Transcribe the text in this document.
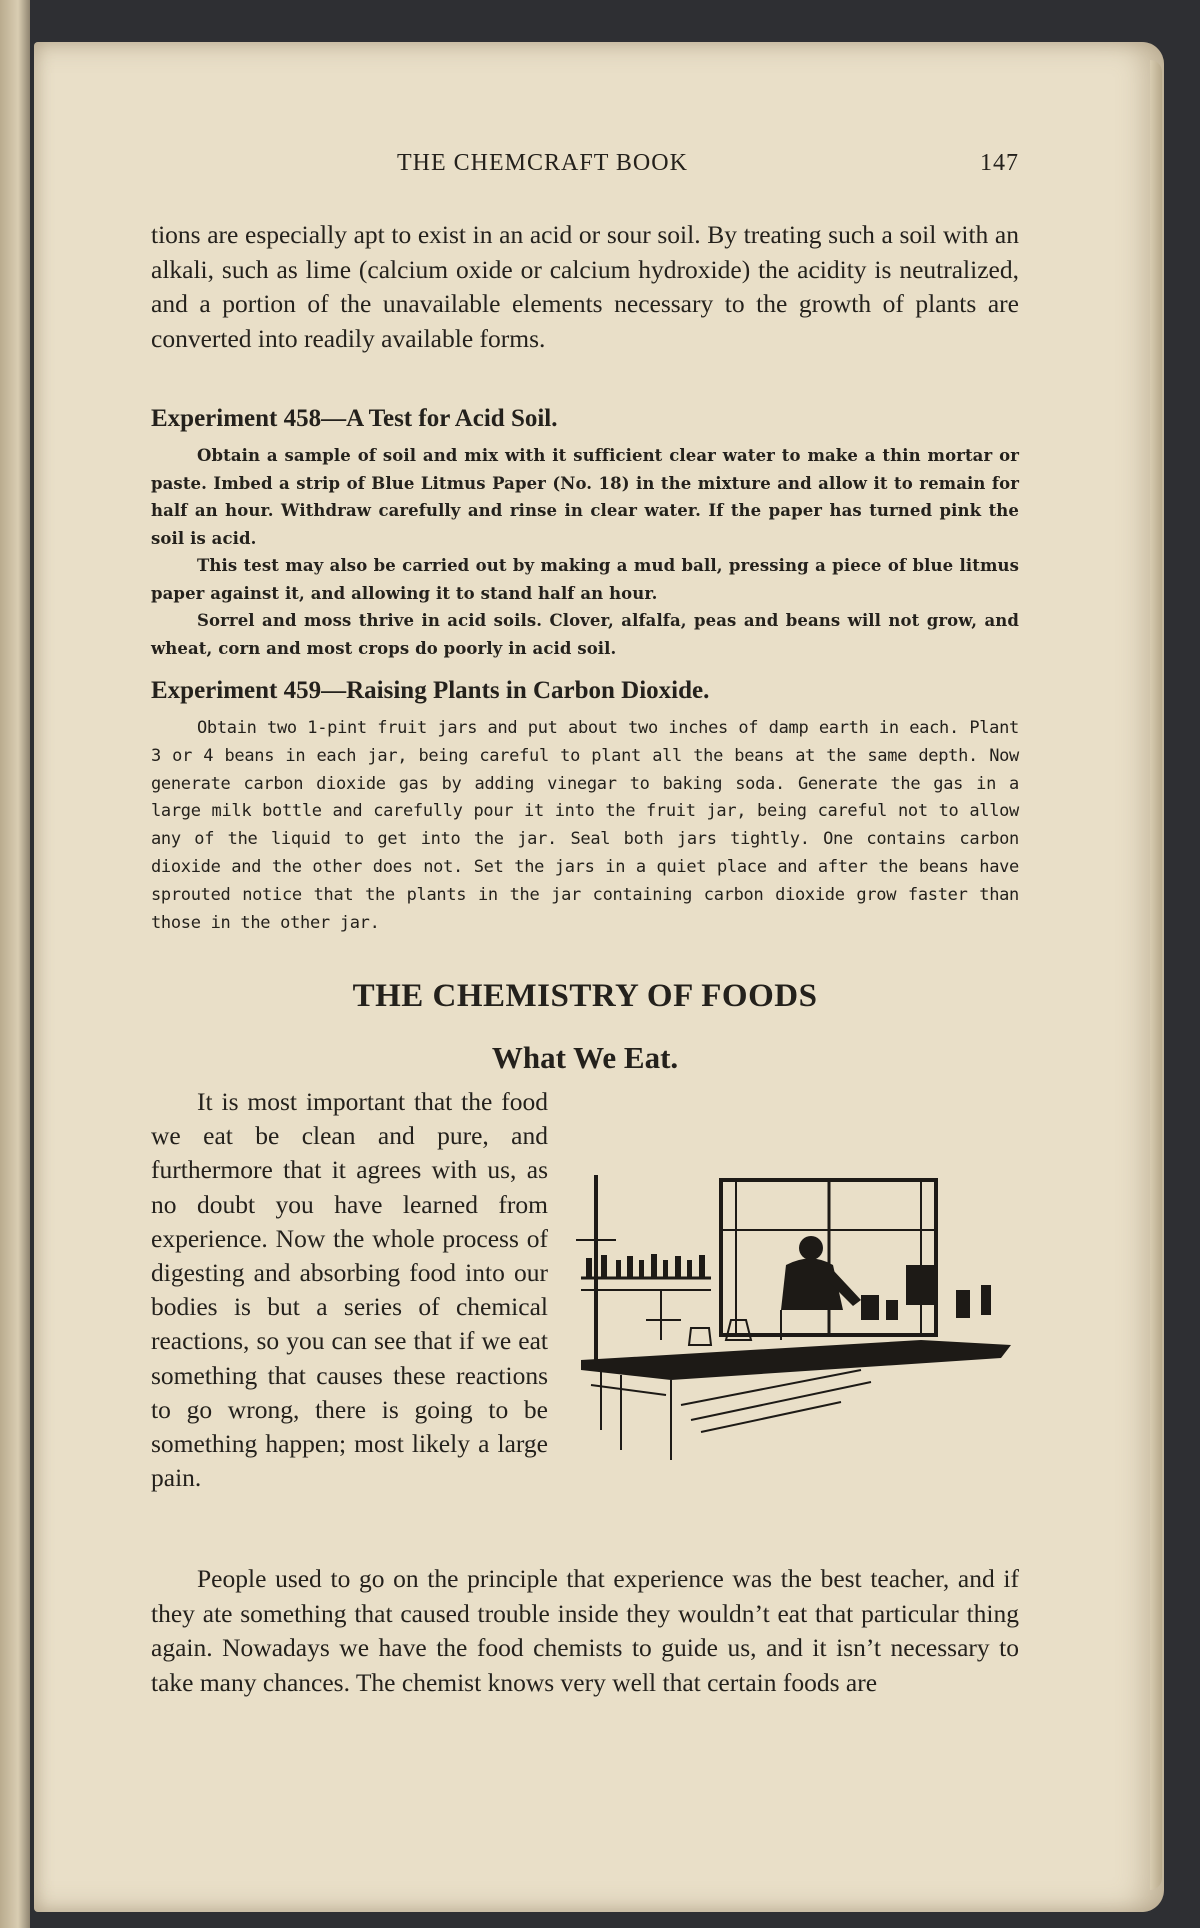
THE CHEMCRAFT BOOK	147

tions are especially apt to exist in an acid or sour soil. By treating such a soil with an alkali, such as lime (calcium oxide or calcium hydroxide) the acidity is neutralized, and a portion of the unavailable elements necessary to the growth of plants are converted into readily available forms.

Experiment 458—A Test for Acid Soil.

Obtain a sample of soil and mix with it sufficient clear water to make a thin mortar or paste. Imbed a strip of Blue Litmus Paper (No. 18) in the mixture and allow it to remain for half an hour. Withdraw carefully and rinse in clear water. If the paper has turned pink the soil is acid.

This test may also be carried out by making a mud ball, pressing a piece of blue litmus paper against it, and allowing it to stand half an hour.

Sorrel and moss thrive in acid soils. Clover, alfalfa, peas and beans will not grow, and wheat, corn and most crops do poorly in acid soil.

Experiment 459—Raising Plants in Carbon Dioxide.

Obtain two 1-pint fruit jars and put about two inches of damp earth in each. Plant 3 or 4 beans in each jar, being careful to plant all the beans at the same depth. Now generate carbon dioxide gas by adding vinegar to baking soda. Generate the gas in a large milk bottle and carefully pour it into the fruit jar, being careful not to allow any of the liquid to get into the jar. Seal both jars tightly. One contains carbon dioxide and the other does not. Set the jars in a quiet place and after the beans have sprouted notice that the plants in the jar containing carbon dioxide grow faster than those in the other jar.

THE CHEMISTRY OF FOODS
What We Eat.

It is most important that the food we eat be clean and pure, and furthermore that it agrees with us, as no doubt you have learned from experience. Now the whole process of digesting and absorbing food into our bodies is but a series of chemical reactions, so you can see that if we eat something that causes these reactions to go wrong, there is going to be something happen; most likely a large pain.

People used to go on the principle that experience was the best teacher, and if they ate something that caused trouble inside they wouldn’t eat that particular thing again. Nowadays we have the food chemists to guide us, and it isn’t necessary to take many chances. The chemist knows very well that certain foods are
